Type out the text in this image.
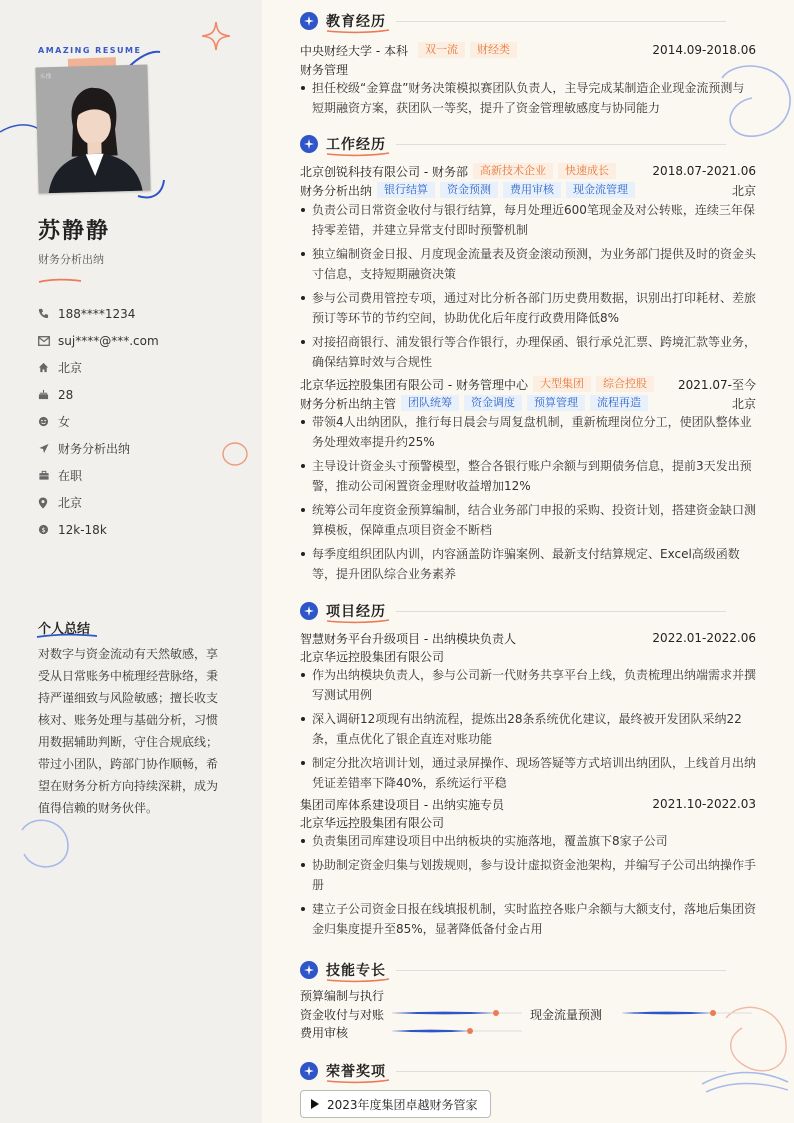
AMAZING RESUME
头像
苏静静
财务分析出纳
188****1234
suj****@***.com
北京
28
女
财务分析出纳
在职
北京
$ 12k-18k
个人总结
对数字与资金流动有天然敏感，享受从日常账务中梳理经营脉络，秉持严谨细致与风险敏感；擅长收支核对、账务处理与基础分析，习惯用数据辅助判断，守住合规底线；带过小团队，跨部门协作顺畅，希望在财务分析方向持续深耕，成为值得信赖的财务伙伴。
教育经历
中央财经大学 - 本科	双一流	财经类	2014.09-2018.06
财务管理
担任校级“金算盘”财务决策模拟赛团队负责人，主导完成某制造企业现金流预测与短期融资方案，获团队一等奖，提升了资金管理敏感度与协同能力
工作经历
北京创锐科技有限公司 - 财务部	高新技术企业	快速成长	2018.07-2021.06
财务分析出纳	银行结算	资金预测	费用审核	现金流管理	北京
负责公司日常资金收付与银行结算，每月处理近600笔现金及对公转账，连续三年保持零差错，并建立异常支付即时预警机制
独立编制资金日报、月度现金流量表及资金滚动预测，为业务部门提供及时的资金头寸信息，支持短期融资决策
参与公司费用管控专项，通过对比分析各部门历史费用数据，识别出打印耗材、差旅预订等环节的节约空间，协助优化后年度行政费用降低8%
对接招商银行、浦发银行等合作银行，办理保函、银行承兑汇票、跨境汇款等业务，确保结算时效与合规性
北京华远控股集团有限公司 - 财务管理中心	大型集团	综合控股	2021.07-至今
财务分析出纳主管	团队统筹	资金调度	预算管理	流程再造	北京
带领4人出纳团队，推行每日晨会与周复盘机制，重新梳理岗位分工，使团队整体业务处理效率提升约25%
主导设计资金头寸预警模型，整合各银行账户余额与到期债务信息，提前3天发出预警，推动公司闲置资金理财收益增加12%
统筹公司年度资金预算编制，结合业务部门申报的采购、投资计划，搭建资金缺口测算模板，保障重点项目资金不断档
每季度组织团队内训，内容涵盖防诈骗案例、最新支付结算规定、Excel高级函数等，提升团队综合业务素养
项目经历
智慧财务平台升级项目 - 出纳模块负责人	2022.01-2022.06
北京华远控股集团有限公司
作为出纳模块负责人，参与公司新一代财务共享平台上线，负责梳理出纳端需求并撰写测试用例
深入调研12项现有出纳流程，提炼出28条系统优化建议，最终被开发团队采纳22条，重点优化了银企直连对账功能
制定分批次培训计划，通过录屏操作、现场答疑等方式培训出纳团队，上线首月出纳凭证差错率下降40%，系统运行平稳
集团司库体系建设项目 - 出纳实施专员	2021.10-2022.03
北京华远控股集团有限公司
负责集团司库建设项目中出纳板块的实施落地，覆盖旗下8家子公司
协助制定资金归集与划拨规则，参与设计虚拟资金池架构，并编写子公司出纳操作手册
建立子公司资金日报在线填报机制，实时监控各账户余额与大额支付，落地后集团资金归集度提升至85%，显著降低备付金占用
技能专长
预算编制与执行
资金收付与对账
费用审核
现金流量预测
荣誉奖项
2023年度集团卓越财务管家
